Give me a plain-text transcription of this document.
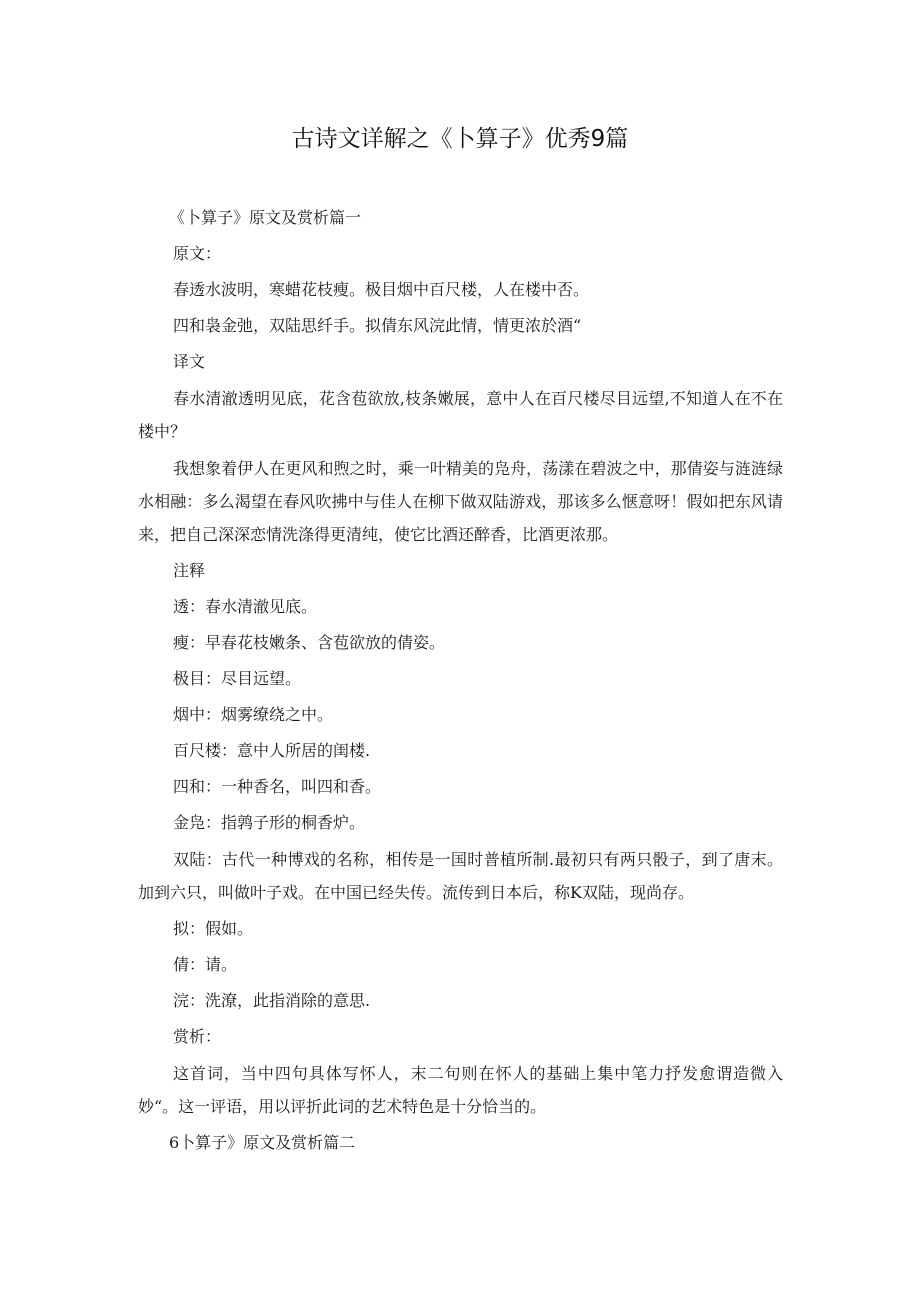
古诗文详解之《卜算子》优秀9篇

《卜算子》原文及赏析篇一

原文：

春透水波明，寒蜡花枝瘦。极目烟中百尺楼，人在楼中否。

四和袅金弛，双陆思纤手。拟倩东风浣此情，情更浓於酒“

译文

春水清澈透明见底，花含苞欲放,枝条嫩展，意中人在百尺楼尽目远望,不知道人在不在楼中？

我想象着伊人在更风和煦之时，乘一叶精美的凫舟，荡漾在碧波之中，那倩姿与涟涟绿水相融：多么渴望在春风吹拂中与佳人在柳下做双陆游戏，那该多么惬意呀！假如把东风请来，把自己深深恋情洗涤得更清纯，使它比酒还醉香，比酒更浓那。

注释

透：春水清澈见底。

瘦：早春花枝嫩条、含苞欲放的倩姿。

极目：尽目远望。

烟中：烟雾缭绕之中。

百尺楼：意中人所居的闺楼.

四和：一种香名，叫四和香。

金凫：指鹑子形的桐香炉。

双陆：古代一种博戏的名称，相传是一国时普植所制.最初只有两只骰子，到了唐末。加到六只，叫做叶子戏。在中国已经失传。流传到日本后，称K双陆，现尚存。

拟：假如。

倩：请。

浣：洗潦，此指消除的意思.

赏析：

这首词，当中四句具体写怀人，末二句则在怀人的基础上集中笔力抒发愈谓造微入妙“。这一评语，用以评折此词的艺术特色是十分恰当的。

6卜算子》原文及赏析篇二
